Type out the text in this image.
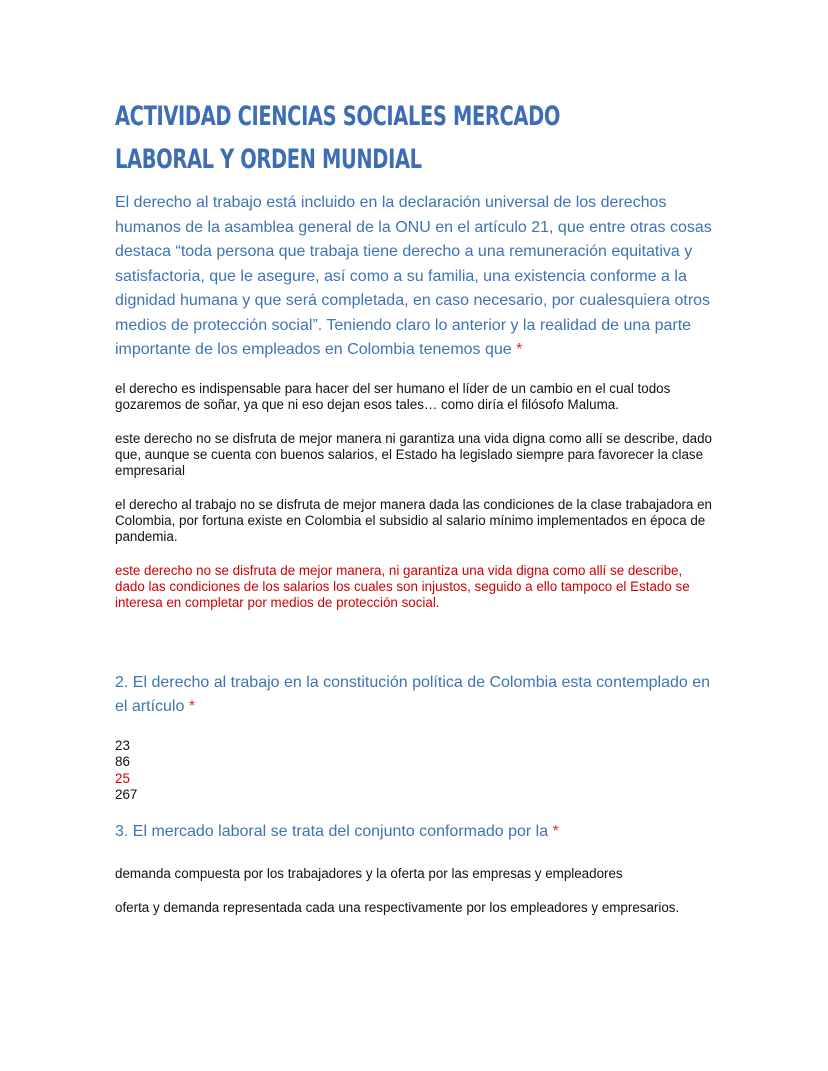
ACTIVIDAD CIENCIAS SOCIALES MERCADO LABORAL Y ORDEN MUNDIAL

El derecho al trabajo está incluido en la declaración universal de los derechos humanos de la asamblea general de la ONU en el artículo 21, que entre otras cosas destaca “toda persona que trabaja tiene derecho a una remuneración equitativa y satisfactoria, que le asegure, así como a su familia, una existencia conforme a la dignidad humana y que será completada, en caso necesario, por cualesquiera otros medios de protección social”. Teniendo claro lo anterior y la realidad de una parte importante de los empleados en Colombia tenemos que *

el derecho es indispensable para hacer del ser humano el líder de un cambio en el cual todos gozaremos de soñar, ya que ni eso dejan esos tales… como diría el filósofo Maluma.

este derecho no se disfruta de mejor manera ni garantiza una vida digna como allí se describe, dado que, aunque se cuenta con buenos salarios, el Estado ha legislado siempre para favorecer la clase empresarial

el derecho al trabajo no se disfruta de mejor manera dada las condiciones de la clase trabajadora en Colombia, por fortuna existe en Colombia el subsidio al salario mínimo implementados en época de pandemia.

este derecho no se disfruta de mejor manera, ni garantiza una vida digna como allí se describe, dado las condiciones de los salarios los cuales son injustos, seguido a ello tampoco el Estado se interesa en completar por medios de protección social.

2. El derecho al trabajo en la constitución política de Colombia esta contemplado en el artículo *

23

86

25

267

3. El mercado laboral se trata del conjunto conformado por la *

demanda compuesta por los trabajadores y la oferta por las empresas y empleadores

oferta y demanda representada cada una respectivamente por los empleadores y empresarios.
